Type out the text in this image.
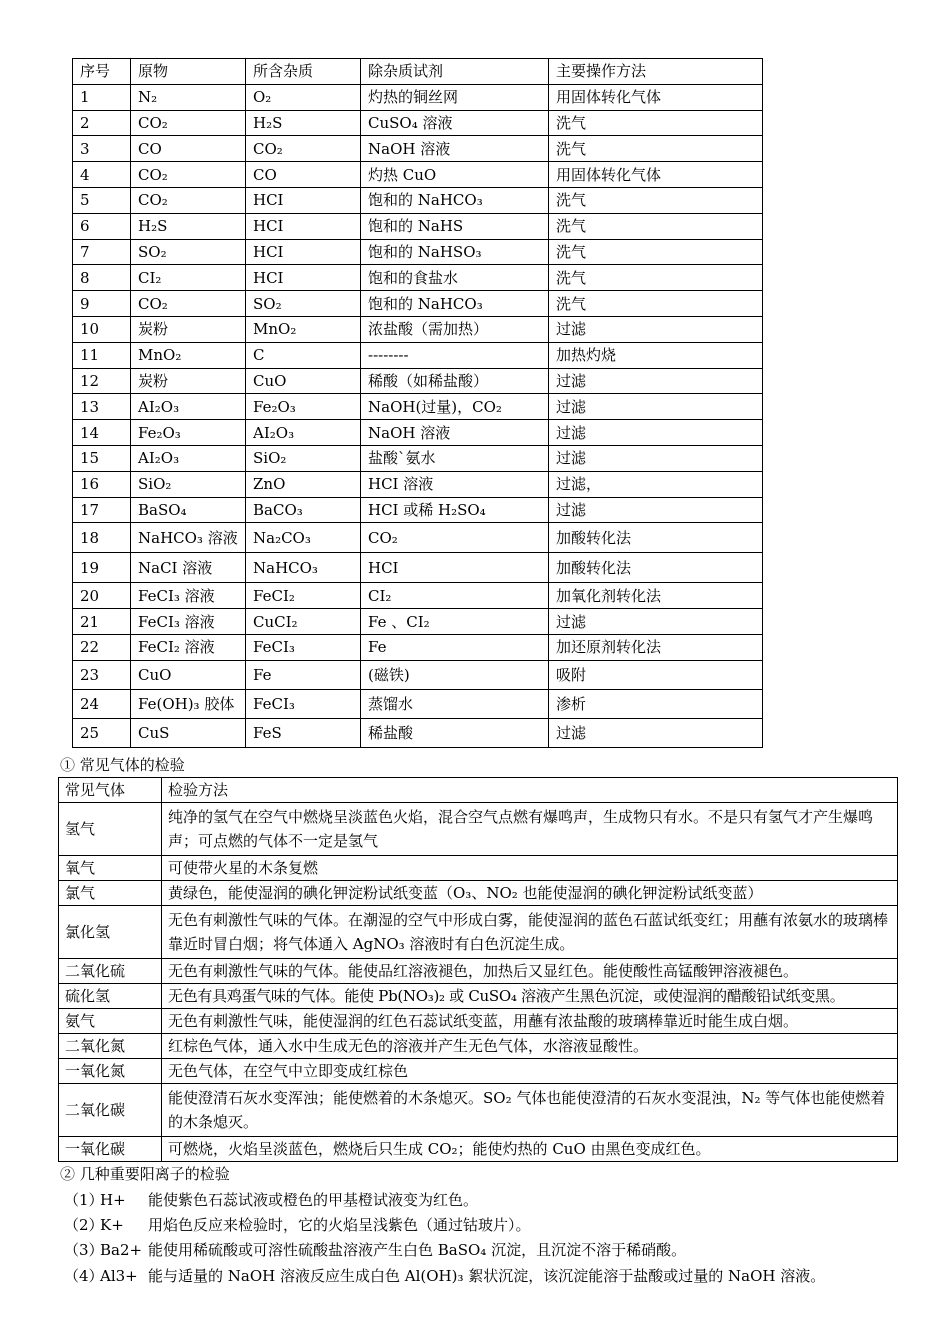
序号	原物	所含杂质	除杂质试剂	主要操作方法
1	N₂	O₂	灼热的铜丝网	用固体转化气体
2	CO₂	H₂S	CuSO₄ 溶液	洗气
3	CO	CO₂	NaOH 溶液	洗气
4	CO₂	CO	灼热 CuO	用固体转化气体
5	CO₂	HCI	饱和的 NaHCO₃	洗气
6	H₂S	HCI	饱和的 NaHS	洗气
7	SO₂	HCI	饱和的 NaHSO₃	洗气
8	CI₂	HCI	饱和的食盐水	洗气
9	CO₂	SO₂	饱和的 NaHCO₃	洗气
10	炭粉	MnO₂	浓盐酸（需加热）	过滤
11	MnO₂	C	--------	加热灼烧
12	炭粉	CuO	稀酸（如稀盐酸）	过滤
13	AI₂O₃	Fe₂O₃	NaOH(过量)，CO₂	过滤
14	Fe₂O₃	AI₂O₃	NaOH 溶液	过滤
15	AI₂O₃	SiO₂	盐酸`氨水	过滤
16	SiO₂	ZnO	HCI 溶液	过滤，
17	BaSO₄	BaCO₃	HCI 或稀 H₂SO₄	过滤
18	NaHCO₃ 溶液	Na₂CO₃	CO₂	加酸转化法
19	NaCI 溶液	NaHCO₃	HCI	加酸转化法
20	FeCI₃ 溶液	FeCI₂	CI₂	加氧化剂转化法
21	FeCI₃ 溶液	CuCI₂	Fe 、CI₂	过滤
22	FeCI₂ 溶液	FeCI₃	Fe	加还原剂转化法
23	CuO	Fe	(磁铁)	吸附
24	Fe(OH)₃ 胶体	FeCI₃	蒸馏水	渗析
25	CuS	FeS	稀盐酸	过滤
① 常见气体的检验
常见气体	检验方法
氢气	纯净的氢气在空气中燃烧呈淡蓝色火焰，混合空气点燃有爆鸣声，生成物只有水。不是只有氢气才产生爆鸣声；可点燃的气体不一定是氢气
氧气	可使带火星的木条复燃
氯气	黄绿色，能使湿润的碘化钾淀粉试纸变蓝（O₃、NO₂ 也能使湿润的碘化钾淀粉试纸变蓝）
氯化氢	无色有刺激性气味的气体。在潮湿的空气中形成白雾，能使湿润的蓝色石蓝试纸变红；用蘸有浓氨水的玻璃棒靠近时冒白烟；将气体通入 AgNO₃ 溶液时有白色沉淀生成。
二氧化硫	无色有刺激性气味的气体。能使品红溶液褪色，加热后又显红色。能使酸性高锰酸钾溶液褪色。
硫化氢	无色有具鸡蛋气味的气体。能使 Pb(NO₃)₂ 或 CuSO₄ 溶液产生黑色沉淀，或使湿润的醋酸铅试纸变黑。
氨气	无色有刺激性气味，能使湿润的红色石蕊试纸变蓝，用蘸有浓盐酸的玻璃棒靠近时能生成白烟。
二氧化氮	红棕色气体，通入水中生成无色的溶液并产生无色气体，水溶液显酸性。
一氧化氮	无色气体，在空气中立即变成红棕色
二氧化碳	能使澄清石灰水变浑浊；能使燃着的木条熄灭。SO₂ 气体也能使澄清的石灰水变混浊，N₂ 等气体也能使燃着的木条熄灭。
一氧化碳	可燃烧，火焰呈淡蓝色，燃烧后只生成 CO₂；能使灼热的 CuO 由黑色变成红色。
② 几种重要阳离子的检验
（1）H+ 能使紫色石蕊试液或橙色的甲基橙试液变为红色。
（2）K+ 用焰色反应来检验时，它的火焰呈浅紫色（通过钴玻片）。
（3）Ba2+ 能使用稀硫酸或可溶性硫酸盐溶液产生白色 BaSO₄ 沉淀，且沉淀不溶于稀硝酸。
（4）Al3+ 能与适量的 NaOH 溶液反应生成白色 Al(OH)₃ 絮状沉淀，该沉淀能溶于盐酸或过量的 NaOH 溶液。
